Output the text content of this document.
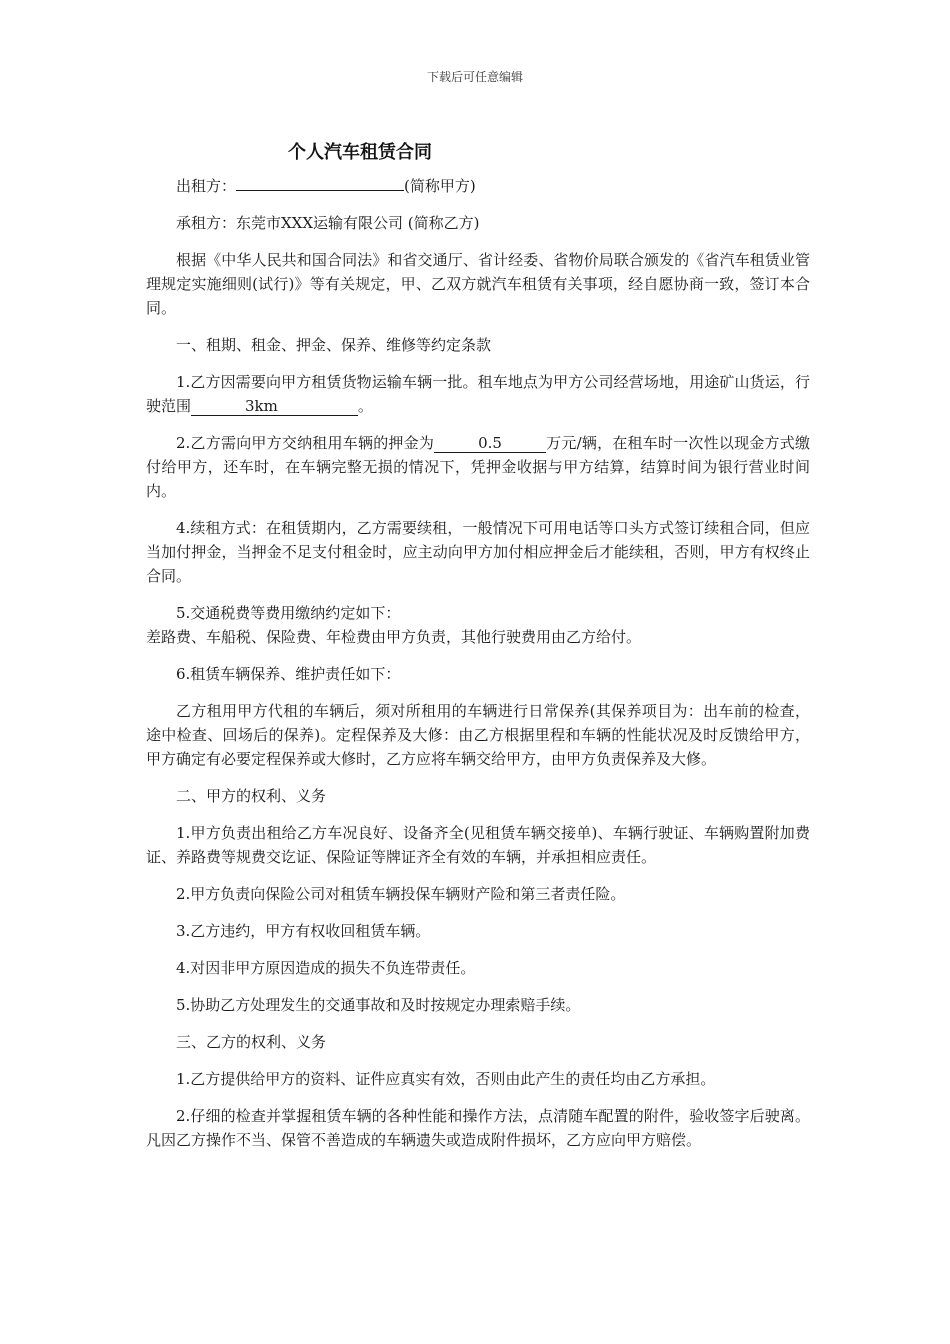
下载后可任意编辑
个人汽车租赁合同

出租方：	(简称甲方)

承租方：东莞市XXX运输有限公司 (简称乙方)

根据《中华人民共和国合同法》和省交通厅、省计经委、省物价局联合颁发的《省汽车租赁业管理规定实施细则(试行)》等有关规定，甲、乙双方就汽车租赁有关事项，经自愿协商一致，签订本合同。

一、租期、租金、押金、保养、维修等约定条款

1.乙方因需要向甲方租赁货物运输车辆一批。租车地点为甲方公司经营场地，用途矿山货运，行驶范围	3km	。

2.乙方需向甲方交纳租用车辆的押金为	0.5	万元/辆，在租车时一次性以现金方式缴付给甲方，还车时，在车辆完整无损的情况下，凭押金收据与甲方结算，结算时间为银行营业时间内。

4.续租方式：在租赁期内，乙方需要续租，一般情况下可用电话等口头方式签订续租合同，但应当加付押金，当押金不足支付租金时，应主动向甲方加付相应押金后才能续租，否则，甲方有权终止合同。

5.交通税费等费用缴纳约定如下：

差路费、车船税、保险费、年检费由甲方负责，其他行驶费用由乙方给付。

6.租赁车辆保养、维护责任如下：

乙方租用甲方代租的车辆后，须对所租用的车辆进行日常保养(其保养项目为：出车前的检查，途中检查、回场后的保养)。定程保养及大修：由乙方根据里程和车辆的性能状况及时反馈给甲方，甲方确定有必要定程保养或大修时，乙方应将车辆交给甲方，由甲方负责保养及大修。

二、甲方的权利、义务

1.甲方负责出租给乙方车况良好、设备齐全(见租赁车辆交接单)、车辆行驶证、车辆购置附加费证、养路费等规费交讫证、保险证等牌证齐全有效的车辆，并承担相应责任。

2.甲方负责向保险公司对租赁车辆投保车辆财产险和第三者责任险。

3.乙方违约，甲方有权收回租赁车辆。

4.对因非甲方原因造成的损失不负连带责任。

5.协助乙方处理发生的交通事故和及时按规定办理索赔手续。

三、乙方的权利、义务

1.乙方提供给甲方的资料、证件应真实有效，否则由此产生的责任均由乙方承担。

2.仔细的检查并掌握租赁车辆的各种性能和操作方法，点清随车配置的附件，验收签字后驶离。凡因乙方操作不当、保管不善造成的车辆遗失或造成附件损坏，乙方应向甲方赔偿。
